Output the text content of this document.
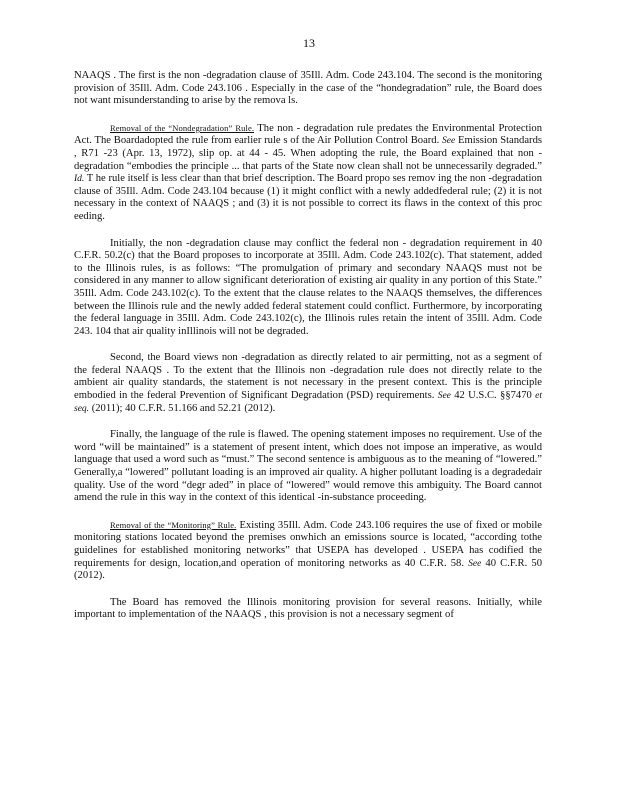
13

NAAQS . The first is the non -degradation clause of 35Ill. Adm. Code 243.104. The second is the monitoring provision of 35Ill. Adm. Code 243.106 . Especially in the case of the “hondegradation” rule, the Board does not want misunderstanding to arise by the remova ls.

Removal of the “Nondegradation” Rule. The non - degradation rule predates the Environmental Protection Act. The Boardadopted the rule from earlier rule s of the Air Pollution Control Board. See Emission Standards , R71 -23 (Apr. 13, 1972), slip op. at 44 - 45. When adopting the rule, the Board explained that non -degradation “embodies the principle ... that parts of the State now clean shall not be unnecessarily degraded.” Id. T he rule itself is less clear than that brief description. The Board propo ses remov ing the non -degradation clause of 35Ill. Adm. Code 243.104 because (1) it might conflict with a newly addedfederal rule; (2) it is not necessary in the context of NAAQS ; and (3) it is not possible to correct its flaws in the context of this proc eeding.

Initially, the non -degradation clause may conflict the federal non - degradation requirement in 40 C.F.R. 50.2(c) that the Board proposes to incorporate at 35Ill. Adm. Code 243.102(c). That statement, added to the Illinois rules, is as follows: “The promulgation of primary and secondary NAAQS must not be considered in any manner to allow significant deterioration of existing air quality in any portion of this State.” 35Ill. Adm. Code 243.102(c). To the extent that the clause relates to the NAAQS themselves, the differences between the Illinois rule and the newly added federal statement could conflict. Furthermore, by incorporating the federal language in 35Ill. Adm. Code 243.102(c), the Illinois rules retain the intent of 35Ill. Adm. Code 243. 104 that air quality inIllinois will not be degraded.

Second, the Board views non -degradation as directly related to air permitting, not as a segment of the federal NAAQS . To the extent that the Illinois non -degradation rule does not directly relate to the ambient air quality standards, the statement is not necessary in the present context. This is the principle embodied in the federal Prevention of Significant Degradation (PSD) requirements. See 42 U.S.C. §§7470 et seq. (2011); 40 C.F.R. 51.166 and 52.21 (2012).

Finally, the language of the rule is flawed. The opening statement imposes no requirement. Use of the word “will be maintained” is a statement of present intent, which does not impose an imperative, as would language that used a word such as “must.” The second sentence is ambiguous as to the meaning of “lowered.” Generally,a “lowered” pollutant loading is an improved air quality. A higher pollutant loading is a degradedair quality. Use of the word “degr aded” in place of “lowered” would remove this ambiguity. The Board cannot amend the rule in this way in the context of this identical -in-substance proceeding.

Removal of the “Monitoring” Rule. Existing 35Ill. Adm. Code 243.106 requires the use of fixed or mobile monitoring stations located beyond the premises onwhich an emissions source is located, “according tothe guidelines for established monitoring networks” that USEPA has developed . USEPA has codified the requirements for design, location,and operation of monitoring networks as 40 C.F.R. 58. See 40 C.F.R. 50 (2012).

The Board has removed the Illinois monitoring provision for several reasons. Initially, while important to implementation of the NAAQS , this provision is not a necessary segment of
